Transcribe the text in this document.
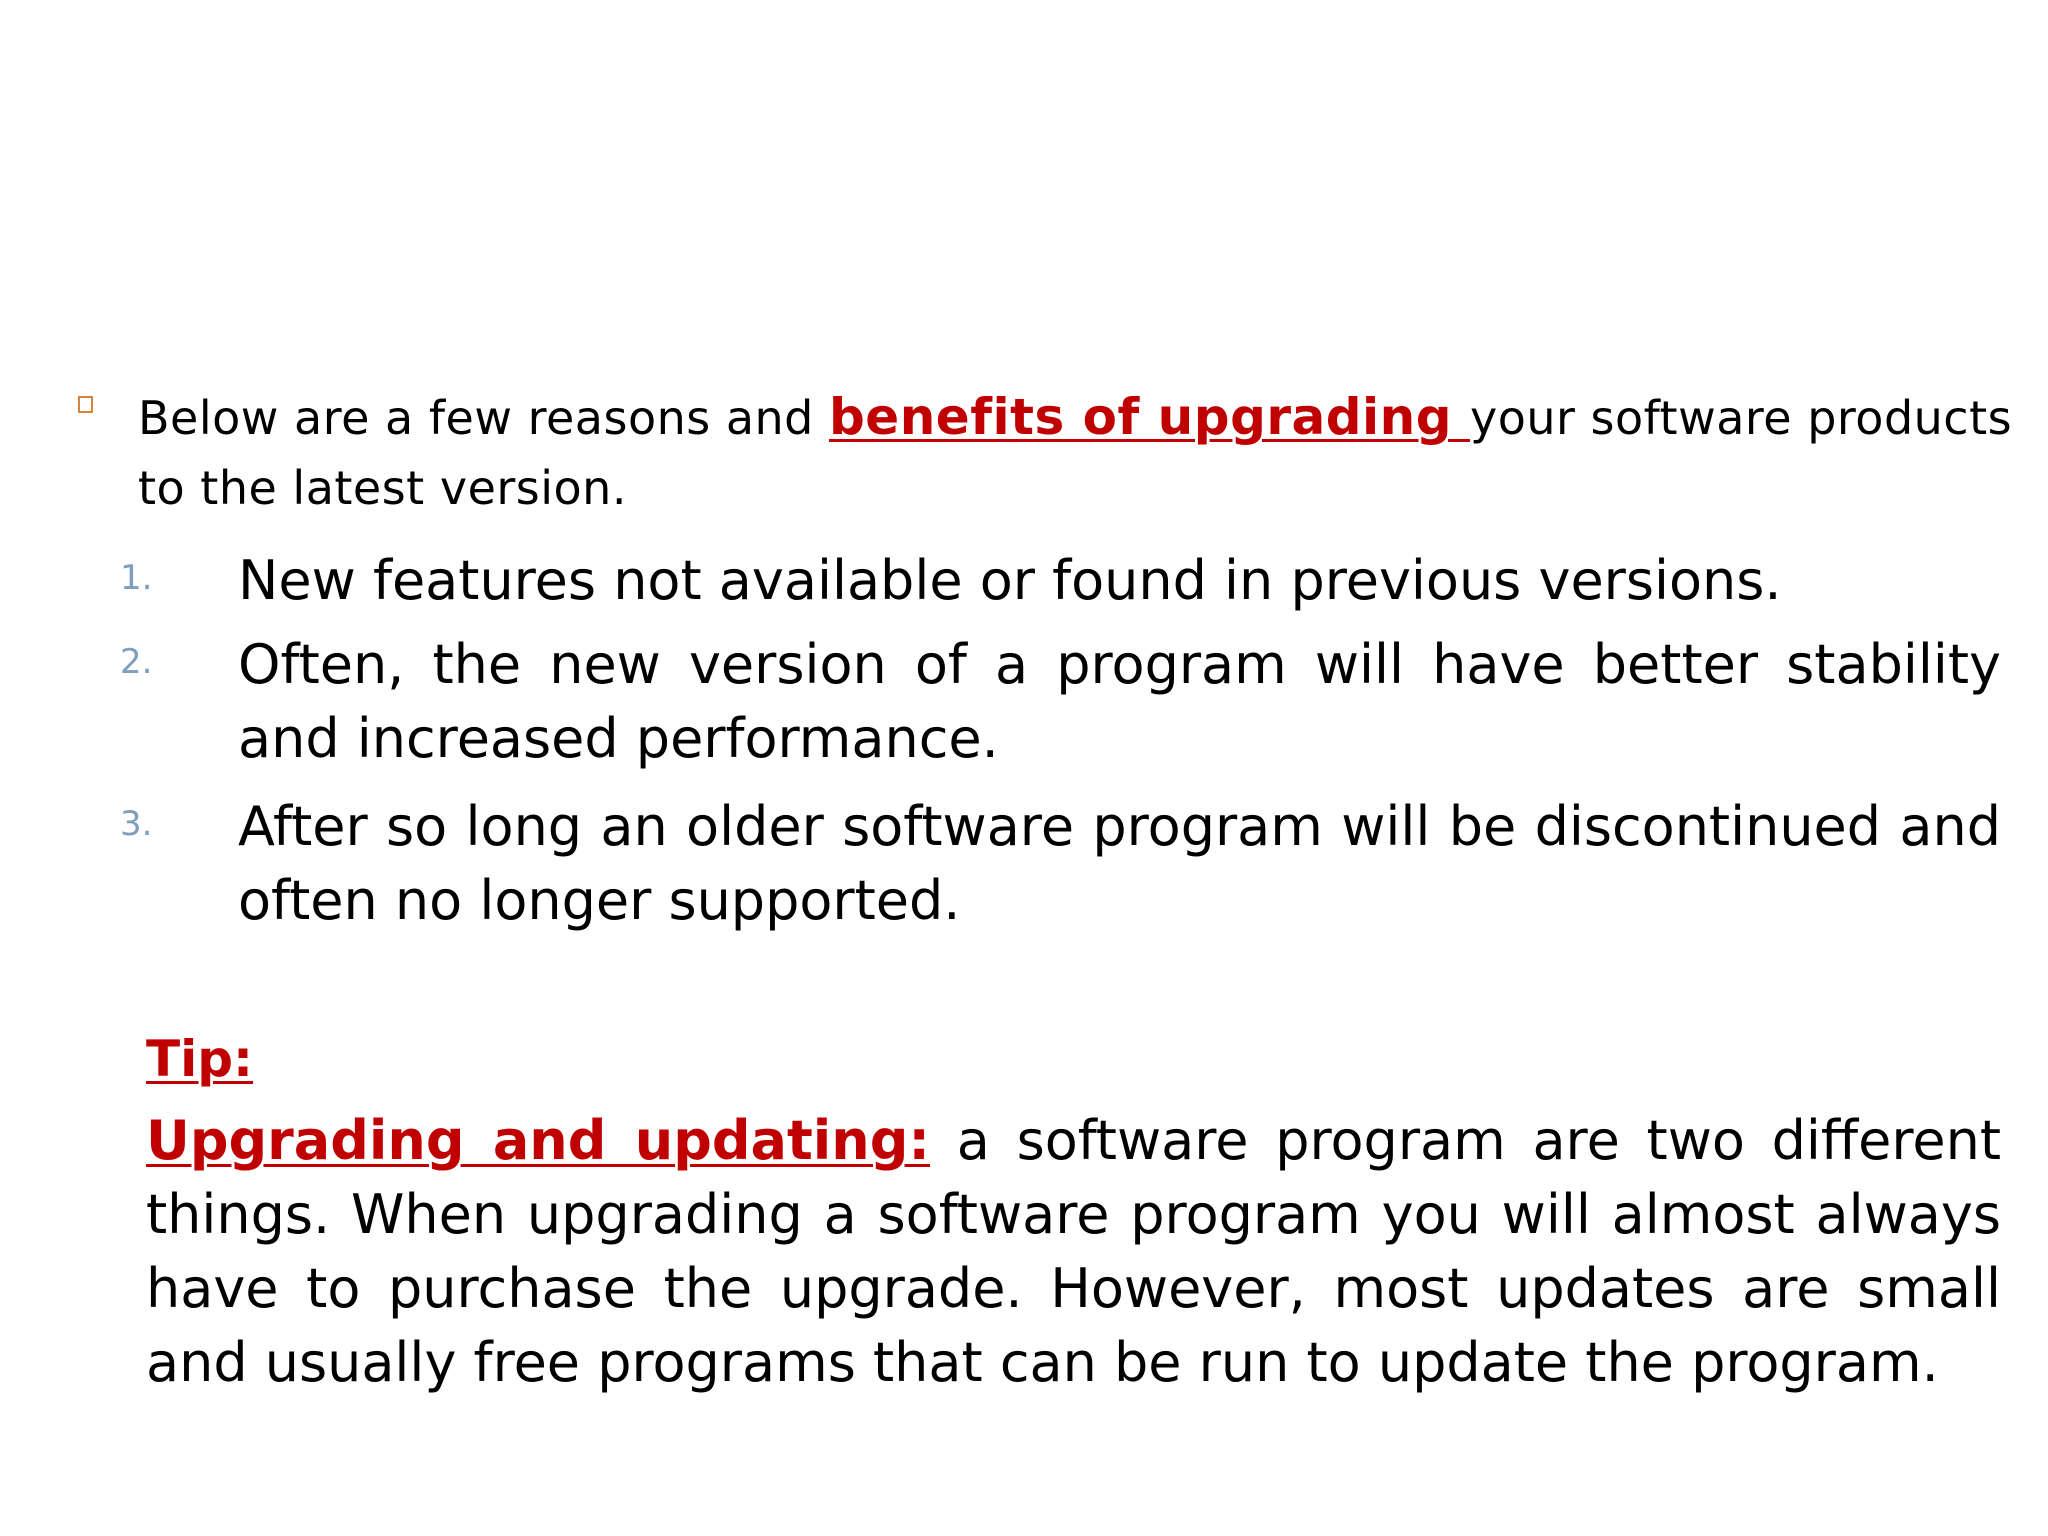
Below are a few reasons and benefits of upgrading your software products to the latest version.
1. New features not available or found in previous versions.
2. Often, the new version of a program will have better stability and increased performance.
3. After so long an older software program will be discontinued and often no longer supported.
Tip:
Upgrading and updating: a software program are two different things. When upgrading a software program you will almost always have to purchase the upgrade. However, most updates are small and usually free programs that can be run to update the program.
